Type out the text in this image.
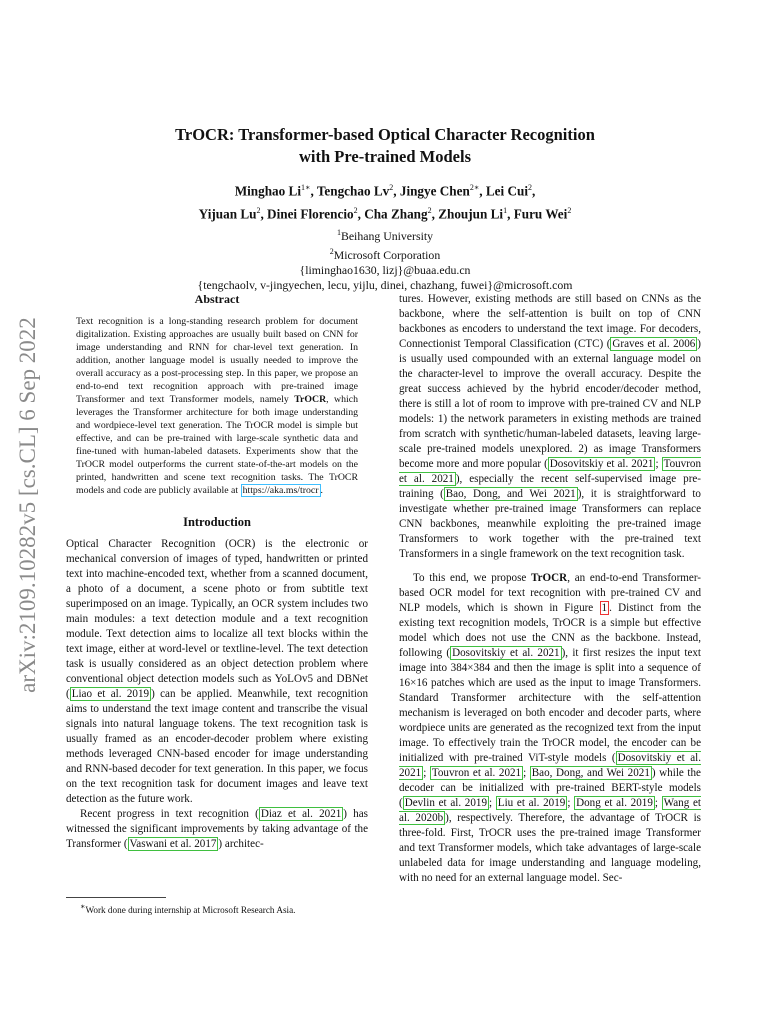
arXiv:2109.10282v5 [cs.CL] 6 Sep 2022
TrOCR: Transformer-based Optical Character Recognition
with Pre-trained Models
Minghao $Li^{1∗}$, Tengchao Lv$^2$, Jingye Chen$^{2∗}$, Lei Cui$^2$,
Yijuan Lu$^2$, Dinei Florencio$^2$, Cha Zhang$^2$, Zhoujun Li$^1$, Furu Wei$^2$
$^1$Beihang University
$^2$Microsoft Corporation
{liminghao1630, lizj}@buaa.edu.cn
{tengchaolv, v-jingyechen, lecu, yijlu, dinei, chazhang, fuwei}@microsoft.com
Abstract

Text recognition is a long-standing research problem for document digitalization. Existing approaches are usually built based on CNN for image understanding and RNN for char-level text generation. In addition, another language model is usually needed to improve the overall accuracy as a post-processing step. In this paper, we propose an end-to-end text recognition approach with pre-trained image Transformer and text Transformer models, namely TrOCR, which leverages the Transformer architecture for both image understanding and wordpiece-level text generation. The TrOCR model is simple but effective, and can be pre-trained with large-scale synthetic data and fine-tuned with human-labeled datasets. Experiments show that the TrOCR model outperforms the current state-of-the-art models on the printed, handwritten and scene text recognition tasks. The TrOCR models and code are publicly available at https://aka.ms/trocr .

Introduction

Optical Character Recognition (OCR) is the electronic or mechanical conversion of images of typed, handwritten or printed text into machine-encoded text, whether from a scanned document, a photo of a document, a scene photo or from subtitle text superimposed on an image. Typically, an OCR system includes two main modules: a text detection module and a text recognition module. Text detection aims to localize all text blocks within the text image, either at word-level or textline-level. The text detection task is usually considered as an object detection problem where conventional object detection models such as YoLOv5 and DBNet ( Liao et al. 2019 ) can be applied. Meanwhile, text recognition aims to understand the text image content and transcribe the visual signals into natural language tokens. The text recognition task is usually framed as an encoder-decoder problem where existing methods leveraged CNN-based encoder for image understanding and RNN-based decoder for text generation. In this paper, we focus on the text recognition task for document images and leave text detection as the future work.

Recent progress in text recognition ( Diaz et al. 2021 ) has witnessed the significant improvements by taking advantage of the Transformer ( Vaswani et al. 2017 ) architec-

∗Work done during internship at Microsoft Research Asia.

tures. However, existing methods are still based on CNNs as the backbone, where the self-attention is built on top of CNN backbones as encoders to understand the text image. For decoders, Connectionist Temporal Classification (CTC) ( Graves et al. 2006 ) is usually used compounded with an external language model on the character-level to improve the overall accuracy. Despite the great success achieved by the hybrid encoder/decoder method, there is still a lot of room to improve with pre-trained CV and NLP models: 1) the network parameters in existing methods are trained from scratch with synthetic/human-labeled datasets, leaving large-scale pre-trained models unexplored. 2) as image Transformers become more and more popular ( Dosovitskiy et al. 2021 ; Touvron et al. 2021 ), especially the recent self-supervised image pre-training ( Bao, Dong, and Wei 2021 ), it is straightforward to investigate whether pre-trained image Transformers can replace CNN backbones, meanwhile exploiting the pre-trained image Transformers to work together with the pre-trained text Transformers in a single framework on the text recognition task.

To this end, we propose TrOCR, an end-to-end Transformer-based OCR model for text recognition with pre-trained CV and NLP models, which is shown in Figure 1 . Distinct from the existing text recognition models, TrOCR is a simple but effective model which does not use the CNN as the backbone. Instead, following ( Dosovitskiy et al. 2021 ), it first resizes the input text image into 384×384 and then the image is split into a sequence of 16×16 patches which are used as the input to image Transformers. Standard Transformer architecture with the self-attention mechanism is leveraged on both encoder and decoder parts, where wordpiece units are generated as the recognized text from the input image. To effectively train the TrOCR model, the encoder can be initialized with pre-trained ViT-style models ( Dosovitskiy et al. 2021 ; Touvron et al. 2021 ; Bao, Dong, and Wei 2021 ) while the decoder can be initialized with pre-trained BERT-style models ( Devlin et al. 2019 ; Liu et al. 2019 ; Dong et al. 2019 ; Wang et al. 2020b ), respectively. Therefore, the advantage of TrOCR is three-fold. First, TrOCR uses the pre-trained image Transformer and text Transformer models, which take advantages of large-scale unlabeled data for image understanding and language modeling, with no need for an external language model. Sec-
